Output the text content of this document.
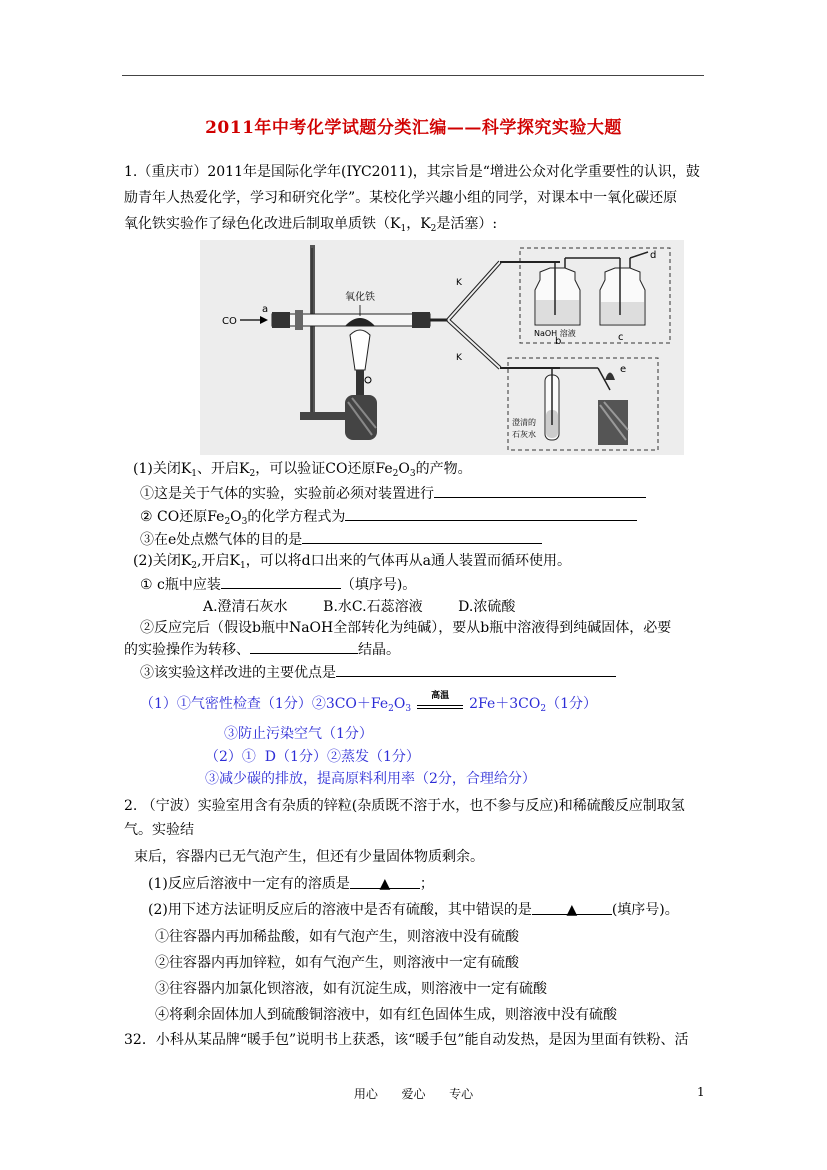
2011年中考化学试题分类汇编——科学探究实验大题
1.（重庆市）2011年是国际化学年(IYC2011)，其宗旨是“增进公众对化学重要性的认识，鼓
励青年人热爱化学，学习和研究化学”。某校化学兴趣小组的同学，对课本中一氧化碳还原
氧化铁实验作了绿色化改进后制取单质铁（$K_1$，$K_2$是活塞）:
CO
a
氧化铁
K
K
NaOH 溶液
b	c
d
e
澄清的
石灰水
(1)关闭$K_1$、开启$K_2$，可以验证CO还原$Fe_2O_3$的产物。
①这是关于气体的实验，实验前必须对装置进行
② CO还原$Fe_2O_3$的化学方程式为
③在e处点燃气体的目的是
(2)关闭$K_2$,开启$K_1$，可以将d口出来的气体再从a通人装置而循环使用。
① c瓶中应装	（填序号)。
A.澄清石灰水        B.水C.石蕊溶液        D.浓硫酸
②反应完后（假设b瓶中NaOH全部转化为纯碱），要从b瓶中溶液得到纯碱固体，必要
的实验操作为转移、	结晶。
③该实验这样改进的主要优点是
（1）①气密性检查（1分）$②3CO+Fe_2O_3$
高温	$2Fe+3CO_2(1$分）
③防止污染空气（1分）
（2）①  D（1分）②蒸发（1分）
③减少碳的排放，提高原料利用率（2分，合理给分）
2. （宁波）实验室用含有杂质的锌粒(杂质既不溶于水，也不参与反应)和稀硫酸反应制取氢
气。实验结
束后，容器内已无气泡产生，但还有少量固体物质剩余。
(1)反应后溶液中一定有的溶质是 ▲ ；
(2)用下述方法证明反应后的溶液中是否有硫酸，其中错误的是 ▲ (填序号)。
①往容器内再加稀盐酸，如有气泡产生，则溶液中没有硫酸
②往容器内再加锌粒，如有气泡产生，则溶液中一定有硫酸
③往容器内加氯化钡溶液，如有沉淀生成，则溶液中一定有硫酸
④将剩余固体加人到硫酸铜溶液中，如有红色固体生成，则溶液中没有硫酸
32．小科从某品牌“暖手包”说明书上获悉，该“暖手包”能自动发热，是因为里面有铁粉、活
用心  爱心  专心	1
